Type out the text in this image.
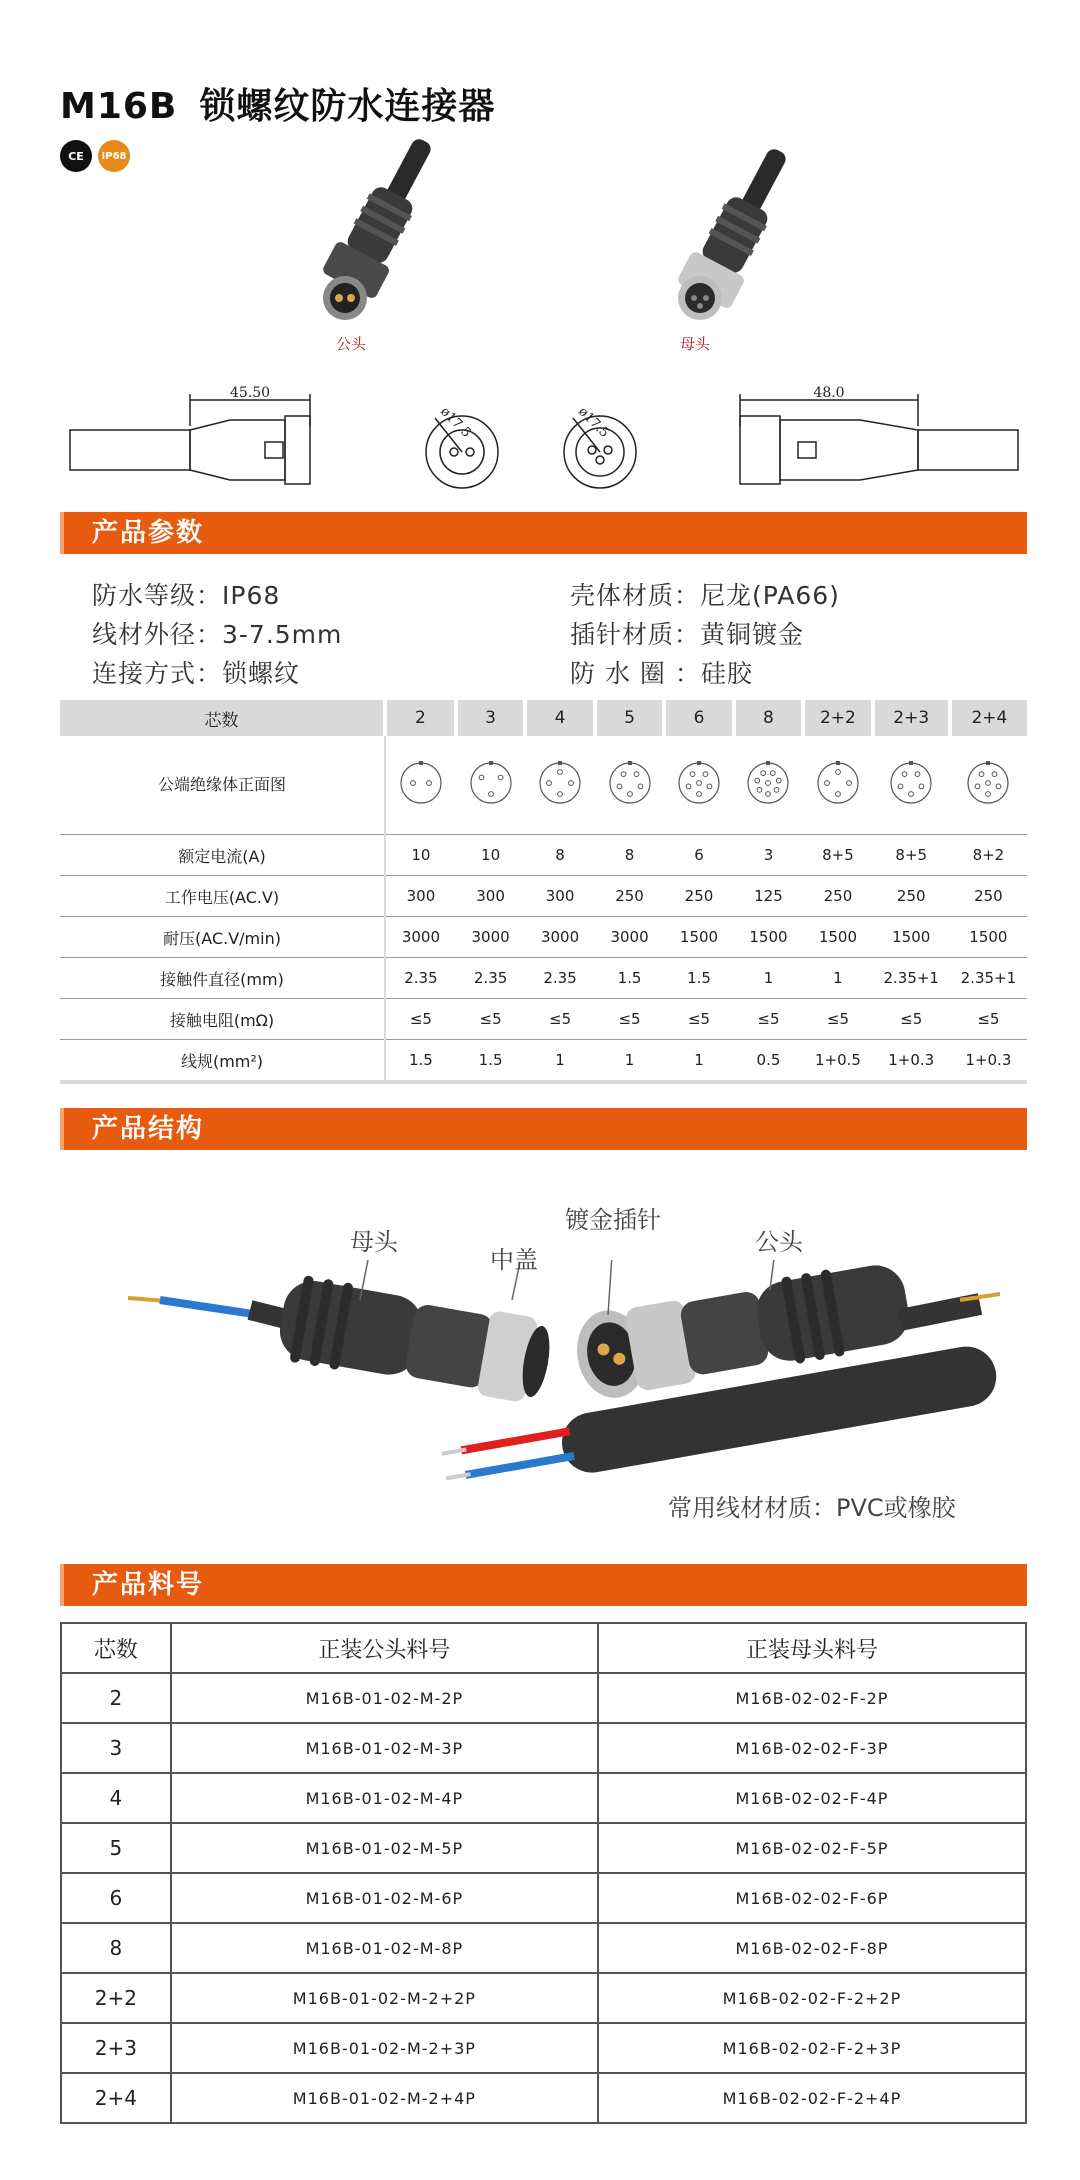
M16B 锁螺纹防水连接器
CE	IP68
公头	母头
45.50
ø17.5	ø17.5
48.0
产品参数
防水等级：IP68
线材外径：3-7.5mm
连接方式：锁螺纹
壳体材质：尼龙(PA66)
插针材质：黄铜镀金
防 水 圈 ：硅胶
芯数	2	3	4	5	6	8	2+2	2+3	2+4
公端绝缘体正面图									
额定电流(A)	10	10	8	8	6	3	8+5	8+5	8+2
工作电压(AC.V)	300	300	300	250	250	125	250	250	250
耐压(AC.V/min)	3000	3000	3000	3000	1500	1500	1500	1500	1500
接触件直径(mm)	2.35	2.35	2.35	1.5	1.5	1	1	2.35+1	2.35+1
接触电阻(mΩ)	≤5	≤5	≤5	≤5	≤5	≤5	≤5	≤5	≤5
线规(mm²)	1.5	1.5	1	1	1	0.5	1+0.5	1+0.3	1+0.3
产品结构
母头
中盖
镀金插针
公头
常用线材材质：PVC或橡胶
产品料号
芯数	正装公头料号	正装母头料号
2	M16B-01-02-M-2P	M16B-02-02-F-2P
3	M16B-01-02-M-3P	M16B-02-02-F-3P
4	M16B-01-02-M-4P	M16B-02-02-F-4P
5	M16B-01-02-M-5P	M16B-02-02-F-5P
6	M16B-01-02-M-6P	M16B-02-02-F-6P
8	M16B-01-02-M-8P	M16B-02-02-F-8P
2+2	M16B-01-02-M-2+2P	M16B-02-02-F-2+2P
2+3	M16B-01-02-M-2+3P	M16B-02-02-F-2+3P
2+4	M16B-01-02-M-2+4P	M16B-02-02-F-2+4P
